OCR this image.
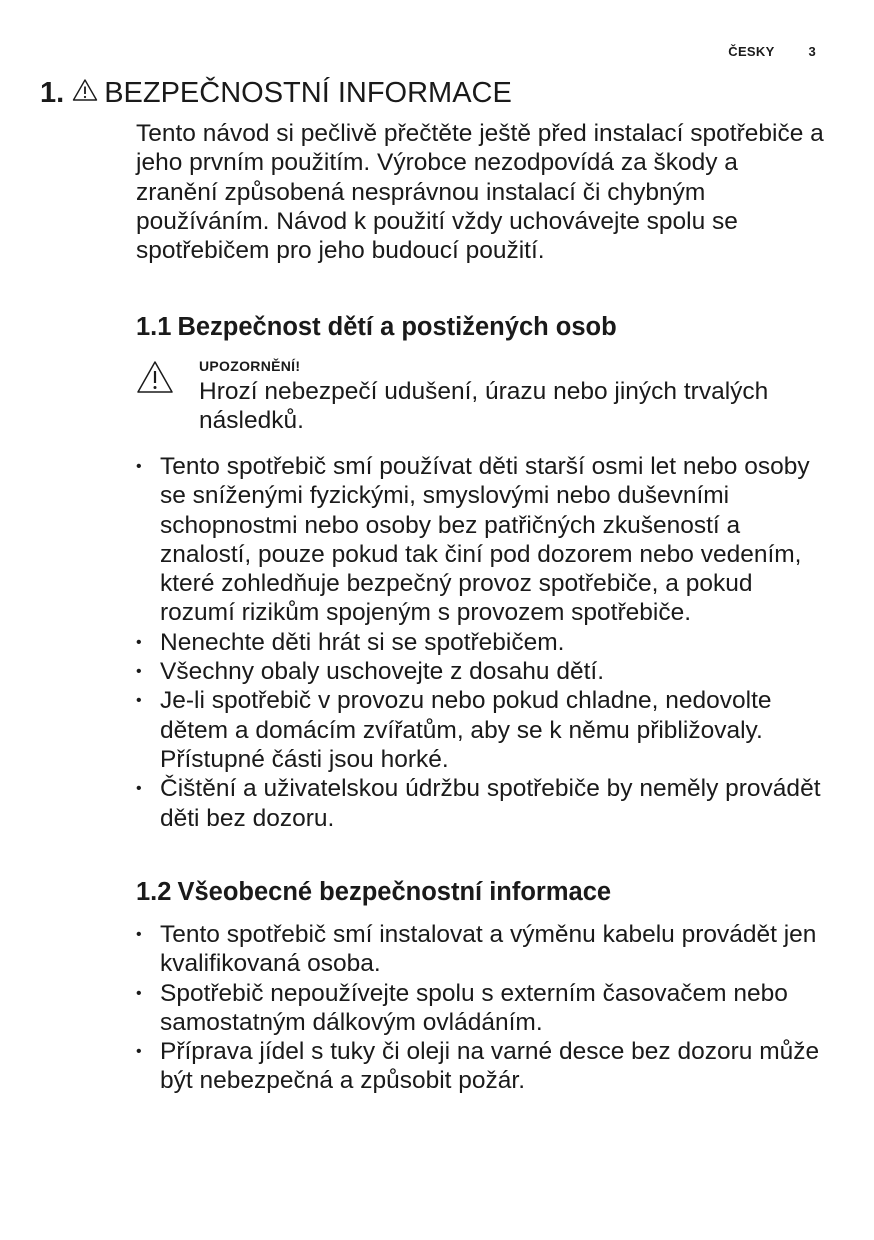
ČESKY	3
1. BEZPEČNOSTNÍ INFORMACE

Tento návod si pečlivě přečtěte ještě před instalací spotřebiče a jeho prvním použitím. Výrobce nezodpovídá za škody a zranění způsobená nesprávnou instalací či chybným používáním. Návod k použití vždy uchovávejte spolu se spotřebičem pro jeho budoucí použití.

1.1 Bezpečnost dětí a postižených osob
UPOZORNĚNÍ!

Hrozí nebezpečí udušení, úrazu nebo jiných trvalých následků.

• Tento spotřebič smí používat děti starší osmi let nebo osoby se sníženými fyzickými, smyslovými nebo duševními schopnostmi nebo osoby bez patřičných zkušeností a znalostí, pouze pokud tak činí pod dozorem nebo vedením, které zohledňuje bezpečný provoz spotřebiče, a pokud rozumí rizikům spojeným s provozem spotřebiče.
• Nenechte děti hrát si se spotřebičem.
• Všechny obaly uschovejte z dosahu dětí.
• Je-li spotřebič v provozu nebo pokud chladne, nedovolte dětem a domácím zvířatům, aby se k němu přibližovaly. Přístupné části jsou horké.
• Čištění a uživatelskou údržbu spotřebiče by neměly provádět děti bez dozoru.
1.2 Všeobecné bezpečnostní informace
• Tento spotřebič smí instalovat a výměnu kabelu provádět jen kvalifikovaná osoba.
• Spotřebič nepoužívejte spolu s externím časovačem nebo samostatným dálkovým ovládáním.
• Příprava jídel s tuky či oleji na varné desce bez dozoru může být nebezpečná a způsobit požár.
